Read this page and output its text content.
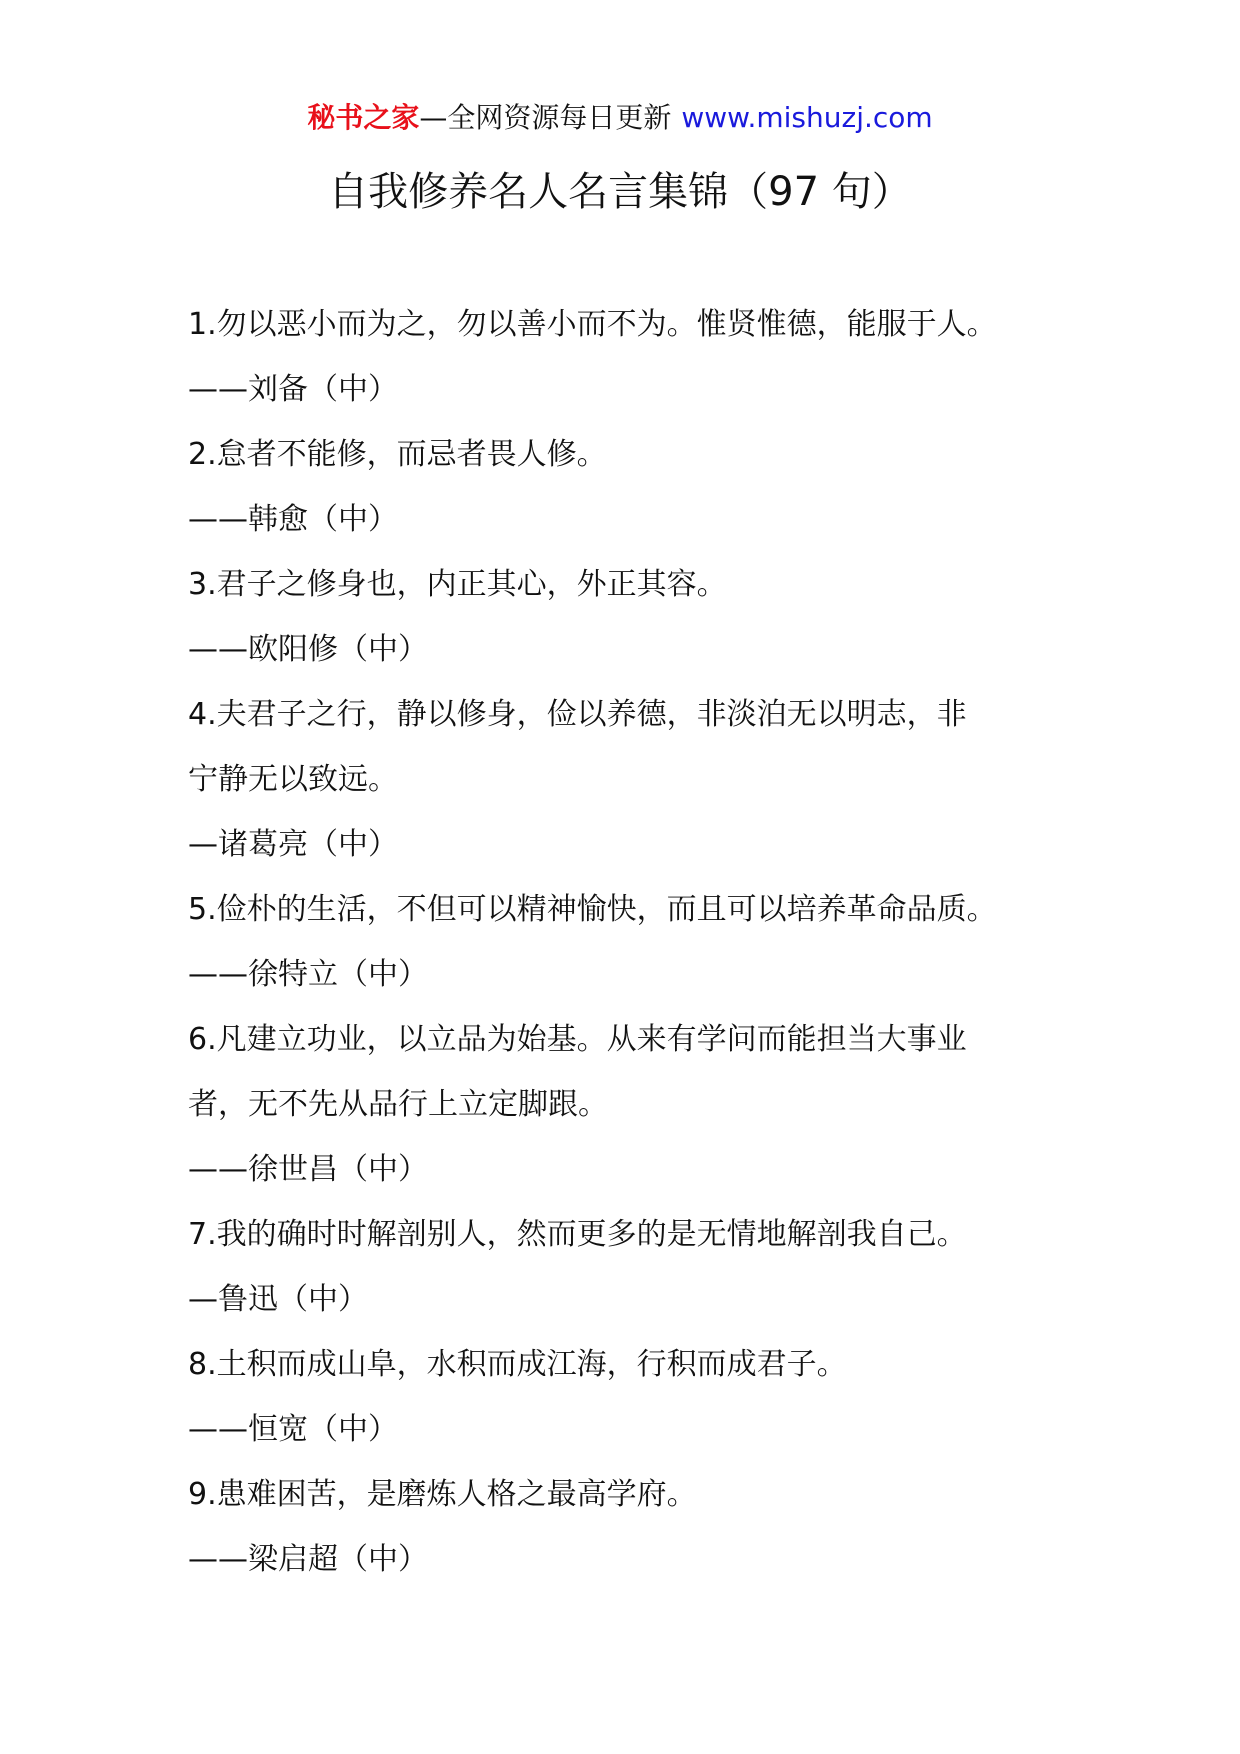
秘书之家—全网资源每日更新 www.mishuzj.com
自我修养名人名言集锦（97 句）

1.勿以恶小而为之，勿以善小而不为。惟贤惟德，能服于人。

——刘备（中）

2.怠者不能修，而忌者畏人修。

——韩愈（中）

3.君子之修身也，内正其心，外正其容。

——欧阳修（中）

4.夫君子之行，静以修身，俭以养德，非淡泊无以明志，非

宁静无以致远。

—诸葛亮（中）

5.俭朴的生活，不但可以精神愉快，而且可以培养革命品质。

——徐特立（中）

6.凡建立功业，以立品为始基。从来有学问而能担当大事业

者，无不先从品行上立定脚跟。

——徐世昌（中）

7.我的确时时解剖别人，然而更多的是无情地解剖我自己。

—鲁迅（中）

8.土积而成山阜，水积而成江海，行积而成君子。

——恒宽（中）

9.患难困苦，是磨炼人格之最高学府。

——梁启超（中）
